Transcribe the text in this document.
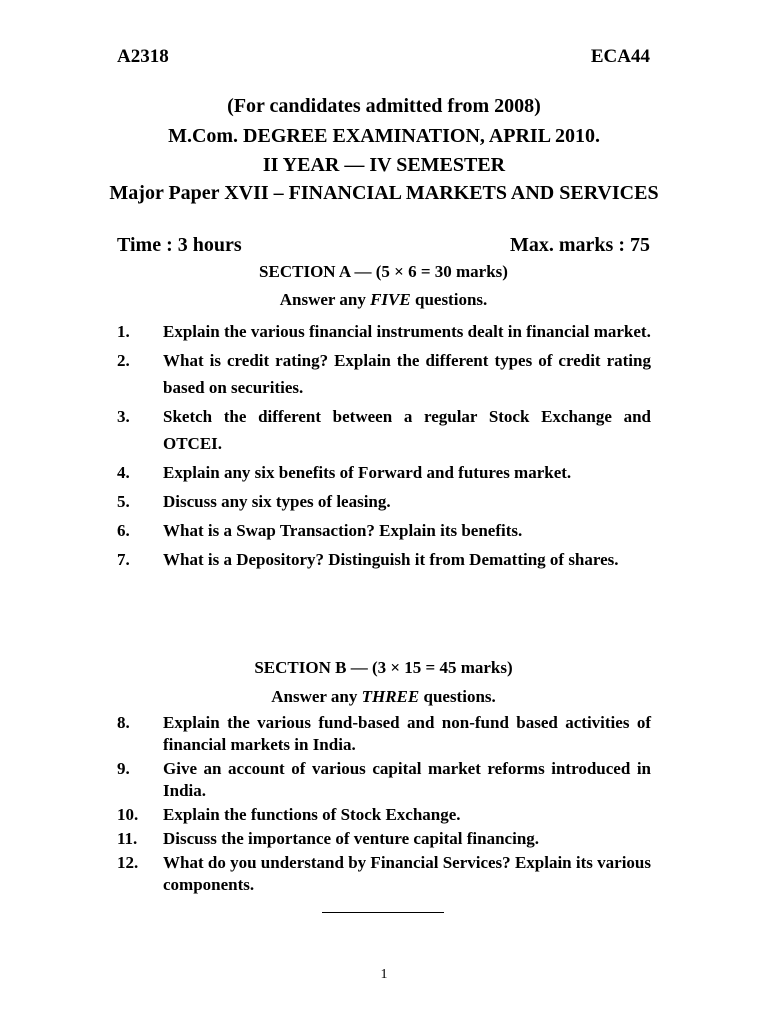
A2318	ECA44
(For candidates admitted from 2008)
M.Com. DEGREE EXAMINATION, APRIL 2010.
II YEAR — IV SEMESTER
Major Paper XVII – FINANCIAL MARKETS AND SERVICES
Time : 3 hours	Max. marks : 75
SECTION A — (5 × 6 = 30 marks)
Answer any FIVE questions.
1.	Explain the various financial instruments dealt in financial market.
2.	What is credit rating? Explain the different types of credit rating based on securities.
3.	Sketch the different between a regular Stock Exchange and OTCEI.
4.	Explain any six benefits of Forward and futures market.
5.	Discuss any six types of leasing.
6.	What is a Swap Transaction? Explain its benefits.
7.	What is a Depository? Distinguish it from Dematting of shares.
SECTION B — (3 × 15 = 45 marks)
Answer any THREE questions.
8.	Explain the various fund-based and non-fund based activities of financial markets in India.
9.	Give an account of various capital market reforms introduced in India.
10.	Explain the functions of Stock Exchange.
11.	Discuss the importance of venture capital financing.
12.	What do you understand by Financial Services? Explain its various components.
1
